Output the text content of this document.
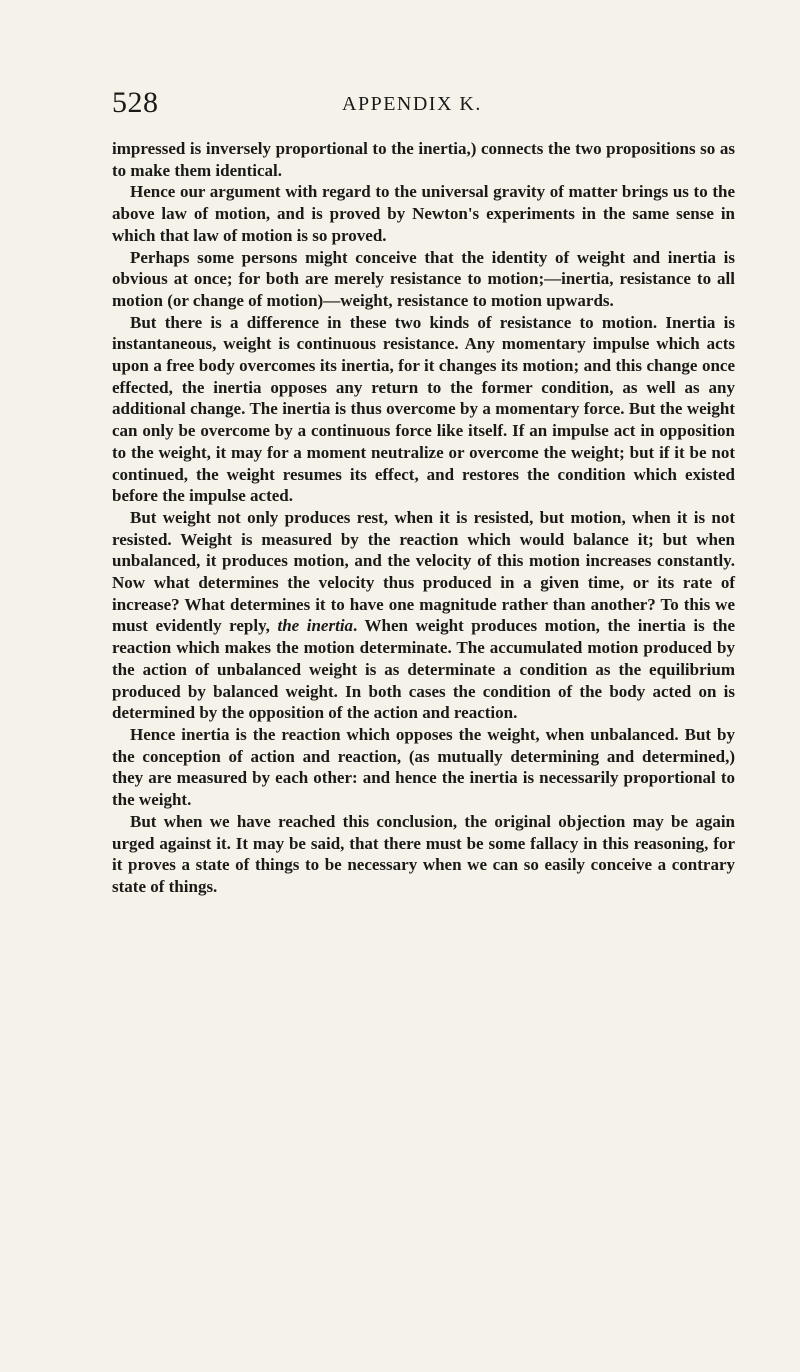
528	APPENDIX K.

impressed is inversely proportional to the inertia,) connects the two propositions so as to make them identical.

Hence our argument with regard to the universal gravity of matter brings us to the above law of motion, and is proved by Newton's experiments in the same sense in which that law of motion is so proved.

Perhaps some persons might conceive that the identity of weight and inertia is obvious at once; for both are merely resistance to motion;—inertia, resistance to all motion (or change of motion)—weight, resistance to motion upwards.

But there is a difference in these two kinds of resistance to motion. Inertia is instantaneous, weight is continuous resistance. Any momentary impulse which acts upon a free body overcomes its inertia, for it changes its motion; and this change once effected, the inertia opposes any return to the former condition, as well as any additional change. The inertia is thus overcome by a momentary force. But the weight can only be overcome by a continuous force like itself. If an impulse act in opposition to the weight, it may for a moment neutralize or overcome the weight; but if it be not continued, the weight resumes its effect, and restores the condition which existed before the impulse acted.

But weight not only produces rest, when it is resisted, but motion, when it is not resisted. Weight is measured by the reaction which would balance it; but when unbalanced, it produces motion, and the velocity of this motion increases constantly. Now what determines the velocity thus produced in a given time, or its rate of increase? What determines it to have one magnitude rather than another? To this we must evidently reply, the inertia. When weight produces motion, the inertia is the reaction which makes the motion determinate. The accumulated motion produced by the action of unbalanced weight is as determinate a condition as the equilibrium produced by balanced weight. In both cases the condition of the body acted on is determined by the opposition of the action and reaction.

Hence inertia is the reaction which opposes the weight, when unbalanced. But by the conception of action and reaction, (as mutually determining and determined,) they are measured by each other: and hence the inertia is necessarily proportional to the weight.

But when we have reached this conclusion, the original objection may be again urged against it. It may be said, that there must be some fallacy in this reasoning, for it proves a state of things to be necessary when we can so easily conceive a contrary state of things.
